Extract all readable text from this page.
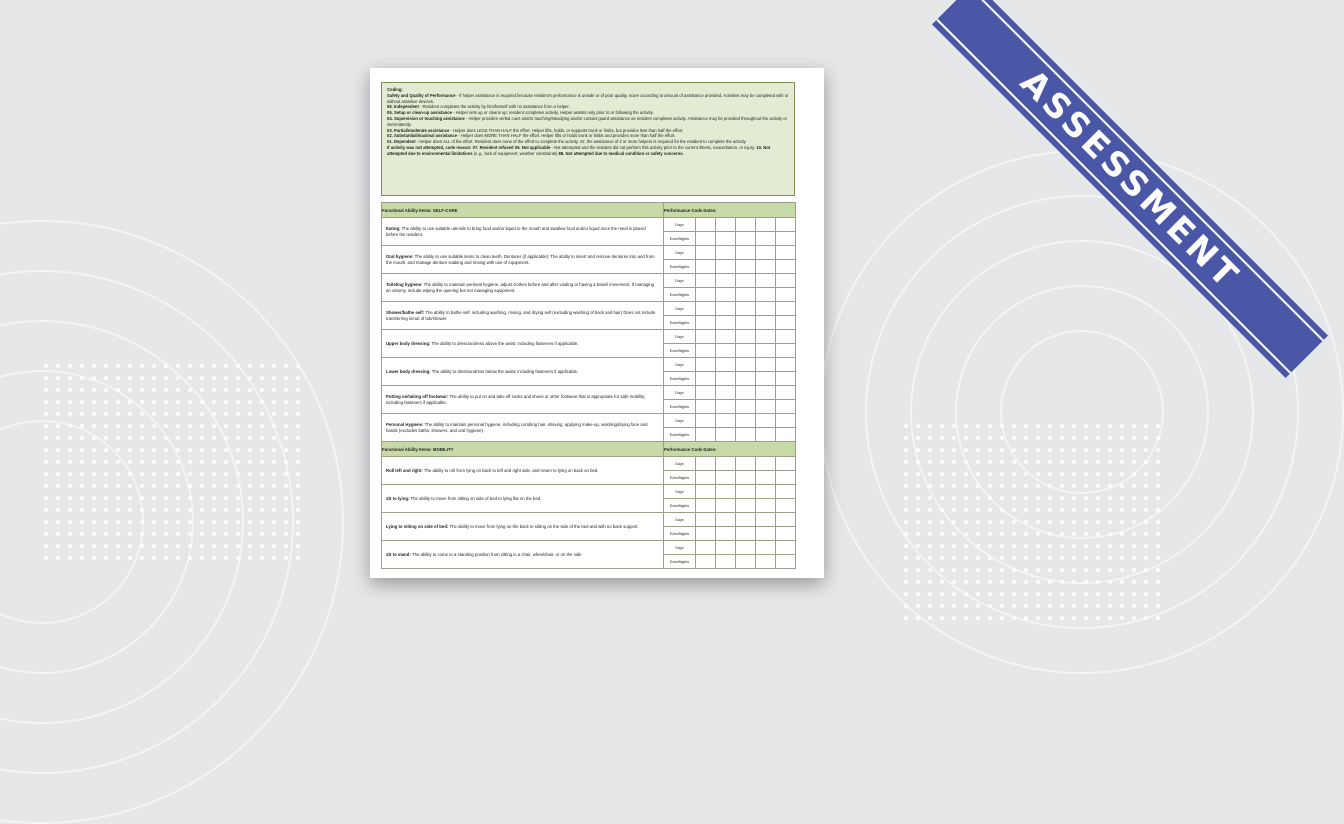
Coding:
Safety and Quality of Performance - If helper assistance is required because resident's performance is unsafe or of poor quality, score according to amount of assistance provided. Activities may be completed with or without assistive devices.
06. Independent - Resident completes the activity by him/herself with no assistance from a helper.
05. Setup or clean-up assistance - Helper sets up or cleans up; resident completes activity. Helper assists only prior to or following the activity.
04. Supervision or touching assistance - Helper provides verbal cues and/or touching/steadying and/or contact guard assistance as resident completes activity. Assistance may be provided throughout the activity or intermittently.
03. Partial/moderate assistance - Helper does LESS THAN HALF the effort. Helper lifts, holds, or supports trunk or limbs, but provides less than half the effort.
02. Substantial/maximal assistance - Helper does MORE THAN HALF the effort. Helper lifts or holds trunk or limbs and provides more than half the effort.
01. Dependent - Helper does ALL of the effort. Resident does none of the effort to complete the activity. Or, the assistance of 2 or more helpers is required for the resident to complete the activity.
If activity was not attempted, code reason: 07. Resident refused 09. Not applicable - Not attempted and the resident did not perform this activity prior to the current illness, exacerbation, or injury. 10. Not attempted due to environmental limitations (e.g., lack of equipment, weather constraints) 88. Not attempted due to medical condition or safety concerns.
Functional Ability Items: SELF-CARE	Performance Code Dates:					
Eating: The ability to use suitable utensils to bring food and/or liquid to the mouth and swallow food and/or liquid once the meal is placed before the resident.	Days					
	Eves/Nights					
Oral hygiene: The ability to use suitable items to clean teeth. Dentures (if applicable): The ability to insert and remove dentures into and from the mouth, and manage denture soaking and rinsing with use of equipment.	Days					
	Eves/Nights					
Toileting hygiene: The ability to maintain perineal hygiene, adjust clothes before and after voiding or having a bowel movement. If managing an ostomy, include wiping the opening but not managing equipment.	Days					
	Eves/Nights					
Shower/bathe self: The ability to bathe self, including washing, rinsing, and drying self (excluding washing of back and hair) Does not include transferring in/out of tub/shower.	Days					
	Eves/Nights					
Upper body dressing: The ability to dress/undress above the waist; including fasteners if applicable.	Days					
	Eves/Nights					
Lower body dressing: The ability to dress/undress below the waist; including fasteners if applicable.	Days					
	Eves/Nights					
Putting on/taking off footwear: The ability to put on and take off socks and shoes or other footwear that is appropriate for safe mobility; including fasteners if applicable.	Days					
	Eves/Nights					
Personal Hygiene: The ability to maintain personal hygiene, including combing hair, shaving, applying make-up, washing/drying face and hands (excludes baths, showers, and oral hygiene).	Days					
	Eves/Nights					
Functional Ability Items: MOBILITY	Performance Code Dates:					
Roll left and right: The ability to roll from lying on back to left and right side, and return to lying on back on bed.	Days					
	Eves/Nights					
Sit to lying: The ability to move from sitting on side of bed to lying flat on the bed.	Days					
	Eves/Nights					
Lying to sitting on side of bed: The ability to move from lying on the back to sitting on the side of the bed and with no back support.	Days					
	Eves/Nights					
Sit to stand: The ability to come to a standing position from sitting in a chair, wheelchair, or on the side	Days					
	Eves/Nights					
ASSESSMENT
